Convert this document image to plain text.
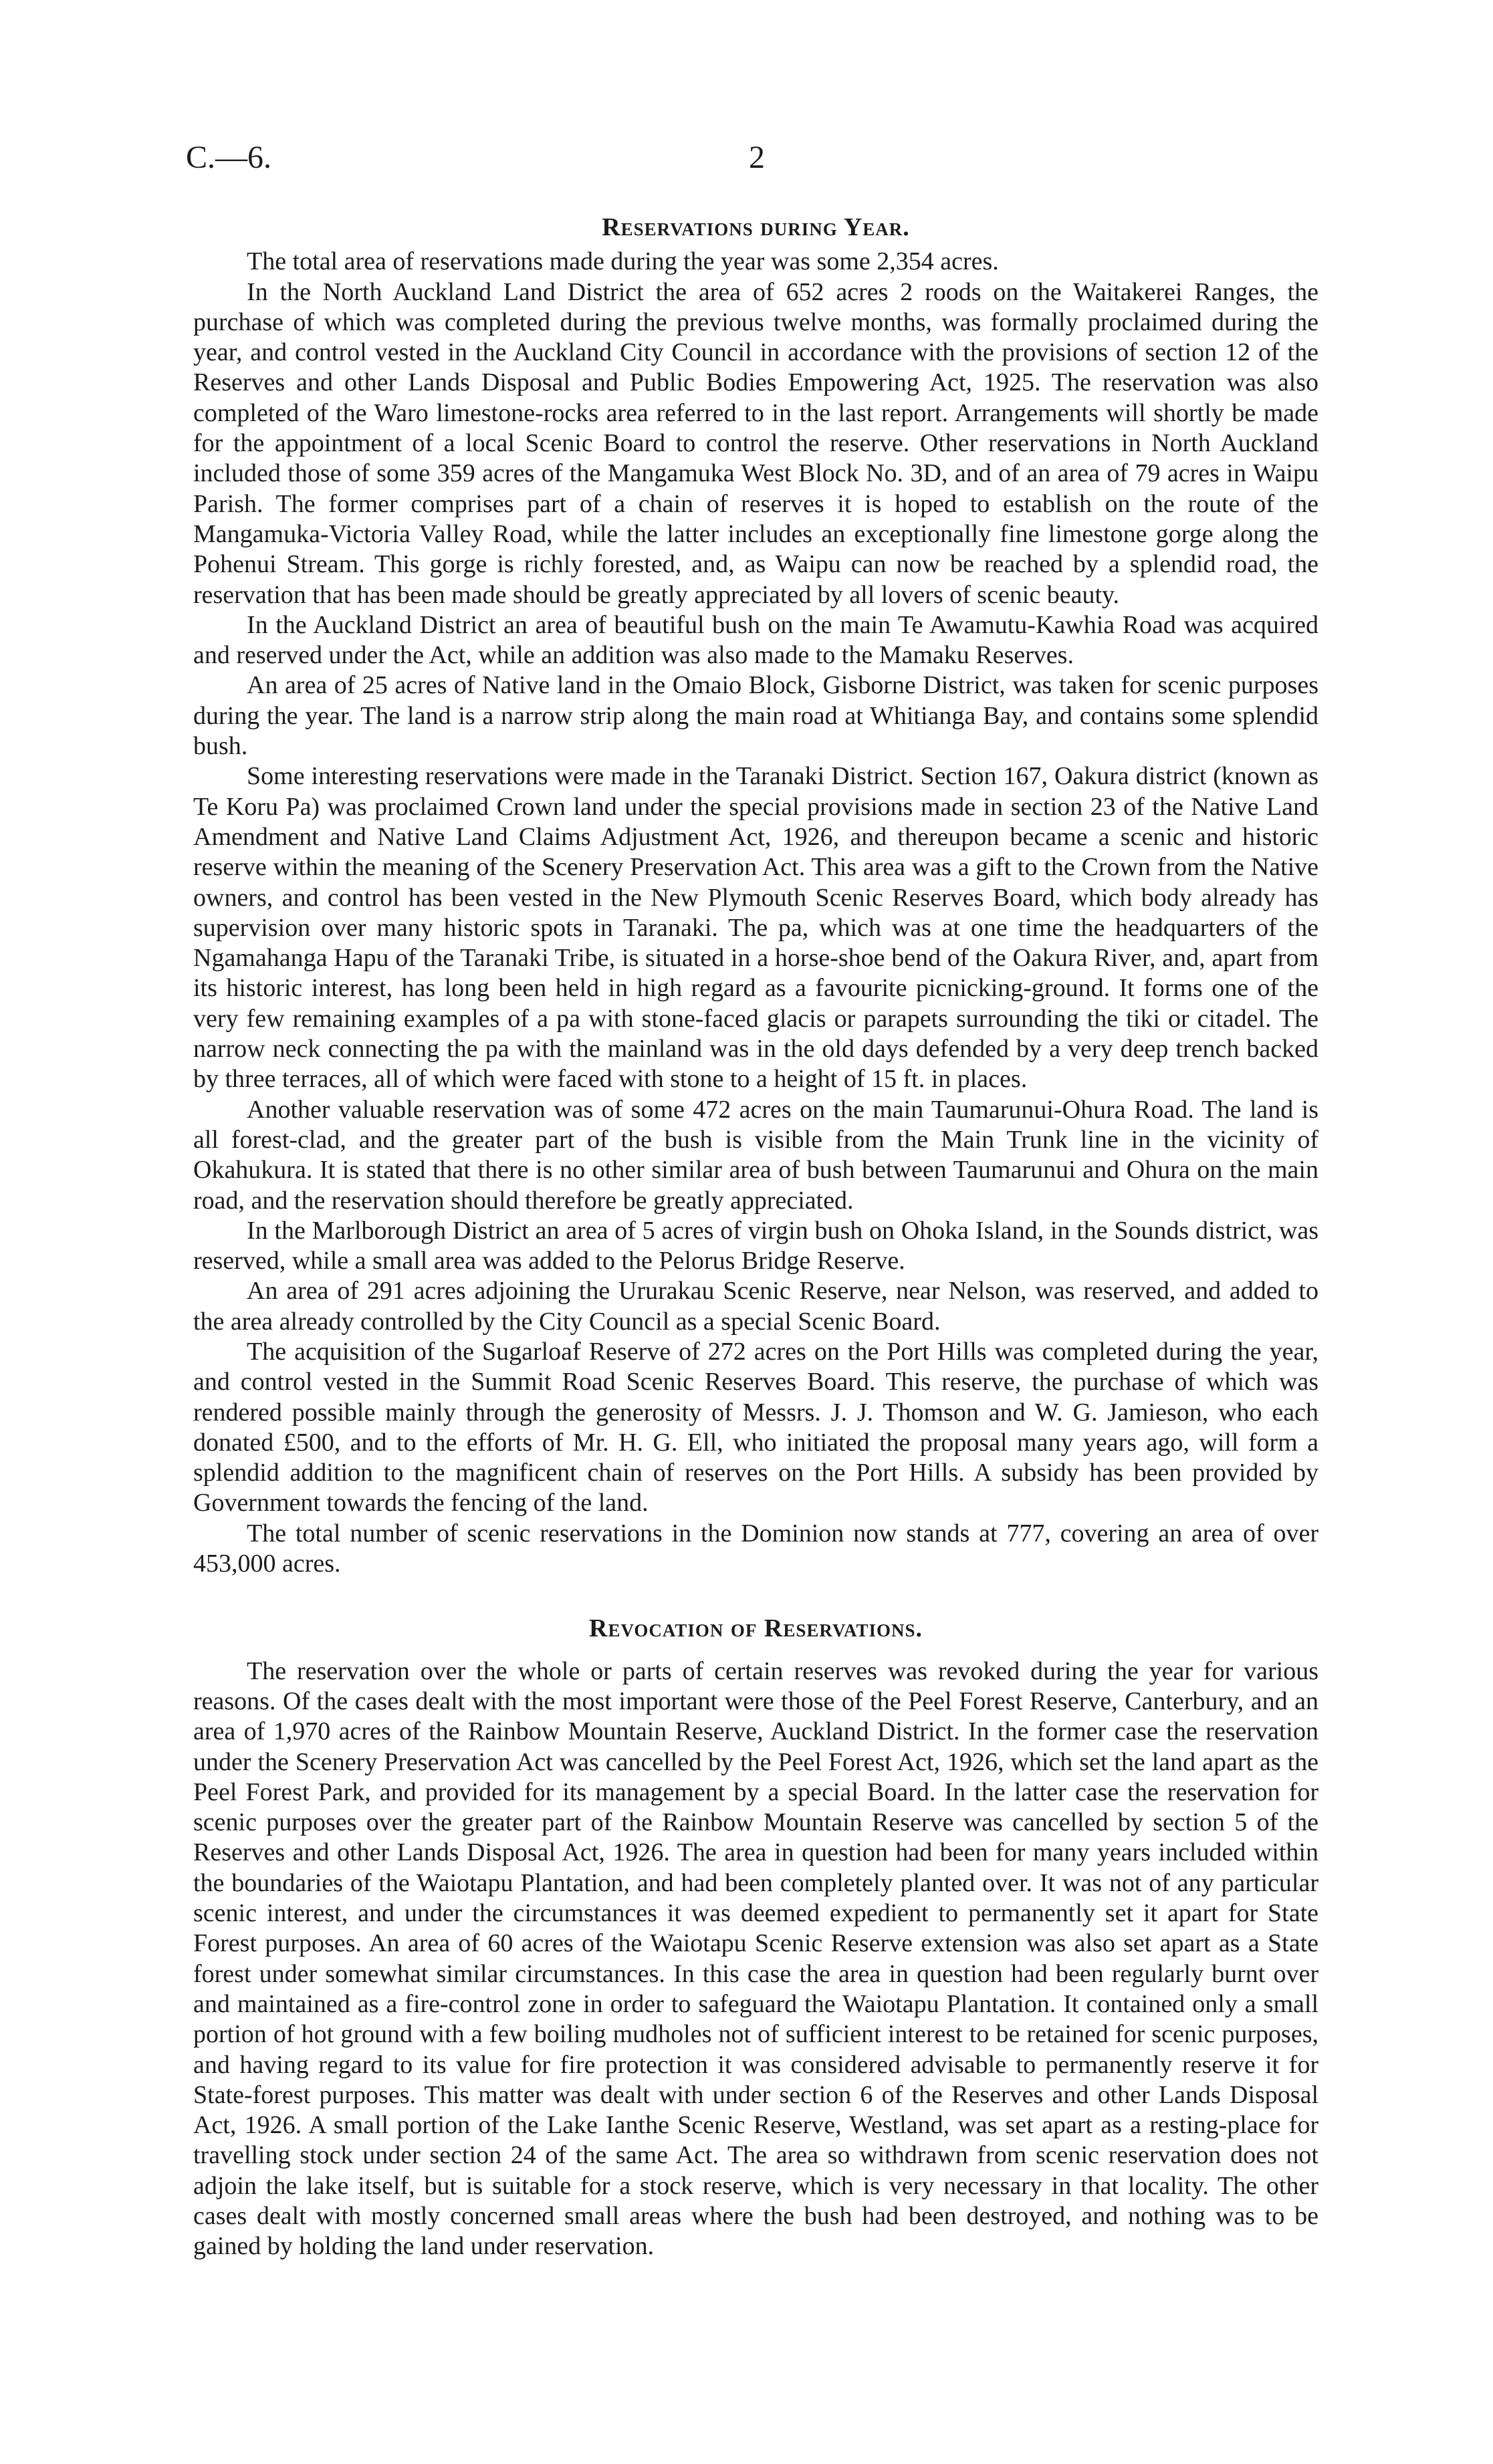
C.—6.	2
Reservations during Year.

The total area of reservations made during the year was some 2,354 acres.

In the North Auckland Land District the area of 652 acres 2 roods on the Waitakerei Ranges, the purchase of which was completed during the previous twelve months, was formally proclaimed during the year, and control vested in the Auckland City Council in accordance with the provisions of section 12 of the Reserves and other Lands Disposal and Public Bodies Empowering Act, 1925. The reservation was also completed of the Waro limestone-rocks area referred to in the last report. Arrangements will shortly be made for the appointment of a local Scenic Board to control the reserve. Other reservations in North Auckland included those of some 359 acres of the Mangamuka West Block No. 3D, and of an area of 79 acres in Waipu Parish. The former comprises part of a chain of reserves it is hoped to establish on the route of the Mangamuka-Victoria Valley Road, while the latter includes an exceptionally fine limestone gorge along the Pohenui Stream. This gorge is richly forested, and, as Waipu can now be reached by a splendid road, the reservation that has been made should be greatly appreciated by all lovers of scenic beauty.

In the Auckland District an area of beautiful bush on the main Te Awamutu-Kawhia Road was acquired and reserved under the Act, while an addition was also made to the Mamaku Reserves.

An area of 25 acres of Native land in the Omaio Block, Gisborne District, was taken for scenic purposes during the year. The land is a narrow strip along the main road at Whitianga Bay, and contains some splendid bush.

Some interesting reservations were made in the Taranaki District. Section 167, Oakura district (known as Te Koru Pa) was proclaimed Crown land under the special provisions made in section 23 of the Native Land Amendment and Native Land Claims Adjustment Act, 1926, and thereupon became a scenic and historic reserve within the meaning of the Scenery Preservation Act. This area was a gift to the Crown from the Native owners, and control has been vested in the New Plymouth Scenic Reserves Board, which body already has supervision over many historic spots in Taranaki. The pa, which was at one time the headquarters of the Ngamahanga Hapu of the Taranaki Tribe, is situated in a horse-shoe bend of the Oakura River, and, apart from its historic interest, has long been held in high regard as a favourite picnicking-ground. It forms one of the very few remaining examples of a pa with stone-faced glacis or parapets surrounding the tiki or citadel. The narrow neck connecting the pa with the mainland was in the old days defended by a very deep trench backed by three terraces, all of which were faced with stone to a height of 15 ft. in places.

Another valuable reservation was of some 472 acres on the main Taumarunui-Ohura Road. The land is all forest-clad, and the greater part of the bush is visible from the Main Trunk line in the vicinity of Okahukura. It is stated that there is no other similar area of bush between Taumarunui and Ohura on the main road, and the reservation should therefore be greatly appreciated.

In the Marlborough District an area of 5 acres of virgin bush on Ohoka Island, in the Sounds district, was reserved, while a small area was added to the Pelorus Bridge Reserve.

An area of 291 acres adjoining the Ururakau Scenic Reserve, near Nelson, was reserved, and added to the area already controlled by the City Council as a special Scenic Board.

The acquisition of the Sugarloaf Reserve of 272 acres on the Port Hills was completed during the year, and control vested in the Summit Road Scenic Reserves Board. This reserve, the purchase of which was rendered possible mainly through the generosity of Messrs. J. J. Thomson and W. G. Jamieson, who each donated £500, and to the efforts of Mr. H. G. Ell, who initiated the proposal many years ago, will form a splendid addition to the magnificent chain of reserves on the Port Hills. A subsidy has been provided by Government towards the fencing of the land.

The total number of scenic reservations in the Dominion now stands at 777, covering an area of over 453,000 acres.

Revocation of Reservations.

The reservation over the whole or parts of certain reserves was revoked during the year for various reasons. Of the cases dealt with the most important were those of the Peel Forest Reserve, Canterbury, and an area of 1,970 acres of the Rainbow Mountain Reserve, Auckland District. In the former case the reservation under the Scenery Preservation Act was cancelled by the Peel Forest Act, 1926, which set the land apart as the Peel Forest Park, and provided for its management by a special Board. In the latter case the reservation for scenic purposes over the greater part of the Rainbow Mountain Reserve was cancelled by section 5 of the Reserves and other Lands Disposal Act, 1926. The area in question had been for many years included within the boundaries of the Waiotapu Plantation, and had been completely planted over. It was not of any particular scenic interest, and under the circumstances it was deemed expedient to permanently set it apart for State Forest purposes. An area of 60 acres of the Waiotapu Scenic Reserve extension was also set apart as a State forest under somewhat similar circumstances. In this case the area in question had been regularly burnt over and maintained as a fire-control zone in order to safeguard the Waiotapu Plantation. It contained only a small portion of hot ground with a few boiling mudholes not of sufficient interest to be retained for scenic purposes, and having regard to its value for fire protection it was considered advisable to permanently reserve it for State-forest purposes. This matter was dealt with under section 6 of the Reserves and other Lands Disposal Act, 1926. A small portion of the Lake Ianthe Scenic Reserve, Westland, was set apart as a resting-place for travelling stock under section 24 of the same Act. The area so withdrawn from scenic reservation does not adjoin the lake itself, but is suitable for a stock reserve, which is very necessary in that locality. The other cases dealt with mostly concerned small areas where the bush had been destroyed, and nothing was to be gained by holding the land under reservation.
